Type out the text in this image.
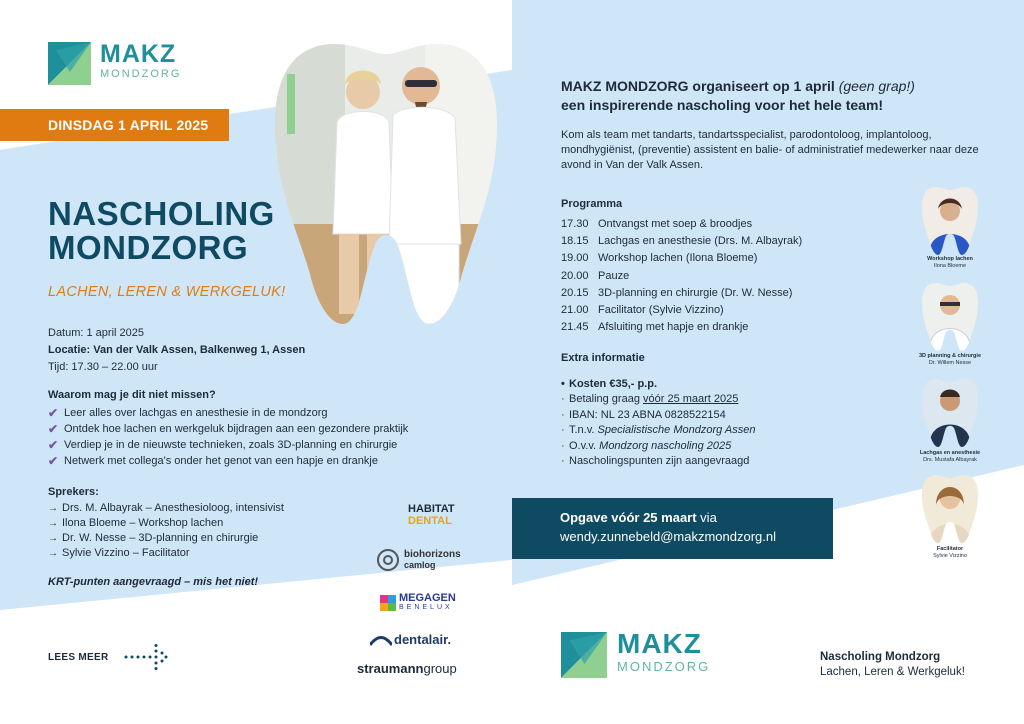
MAKZ
MONDZORG
DINSDAG 1 APRIL 2025
NASCHOLING
MONDZORG
LACHEN, LEREN & WERKGELUK!
Datum: 1 april 2025
Locatie: Van der Valk Assen, Balkenweg 1, Assen
Tijd: 17.30 – 22.00 uur
Waarom mag je dit niet missen?
✔ Leer alles over lachgas en anesthesie in de mondzorg
✔ Ontdek hoe lachen en werkgeluk bijdragen aan een gezondere praktijk
✔ Verdiep je in de nieuwste technieken, zoals 3D-planning en chirurgie
✔ Netwerk met collega's onder het genot van een hapje en drankje
Sprekers:
→ Drs. M. Albayrak – Anesthesioloog, intensivist
→ Ilona Bloeme – Workshop lachen
→ Dr. W. Nesse – 3D-planning en chirurgie
→ Sylvie Vizzino – Facilitator
KRT-punten aangevraagd – mis het niet!
LEES MEER
HABITAT
DENTAL
biohorizons
camlog
MEGAGEN
BENELUX
dentalair.
straumanngroup
MAKZ MONDZORG organiseert op 1 april (geen grap!)
een inspirerende nascholing voor het hele team!
Kom als team met tandarts, tandartsspecialist, parodontoloog, implantoloog, mondhygiënist, (preventie) assistent en balie- of administratief medewerker naar deze avond in Van der Valk Assen.
Programma
17.30 Ontvangst met soep & broodjes
18.15 Lachgas en anesthesie (Drs. M. Albayrak)
19.00 Workshop lachen (Ilona Bloeme)
20.00 Pauze
20.15 3D-planning en chirurgie (Dr. W. Nesse)
21.00 Facilitator (Sylvie Vizzino)
21.45 Afsluiting met hapje en drankje
Extra informatie
• Kosten €35,- p.p.
· Betaling graag vóór 25 maart 2025
· IBAN: NL 23 ABNA 0828522154
· T.n.v. Specialistische Mondzorg Assen
· O.v.v. Mondzorg nascholing 2025
· Nascholingspunten zijn aangevraagd
Opgave vóór 25 maart via
wendy.zunnebeld@makzmondzorg.nl
Workshop lachen
Ilona Bloeme
3D planning & chirurgie
Dr. Willem Nesse
Lachgas en anesthesie
Drs. Mustafa Albayrak
Facilitator
Sylvie Vizzino
MAKZ
MONDZORG
Nascholing Mondzorg
Lachen, Leren & Werkgeluk!
